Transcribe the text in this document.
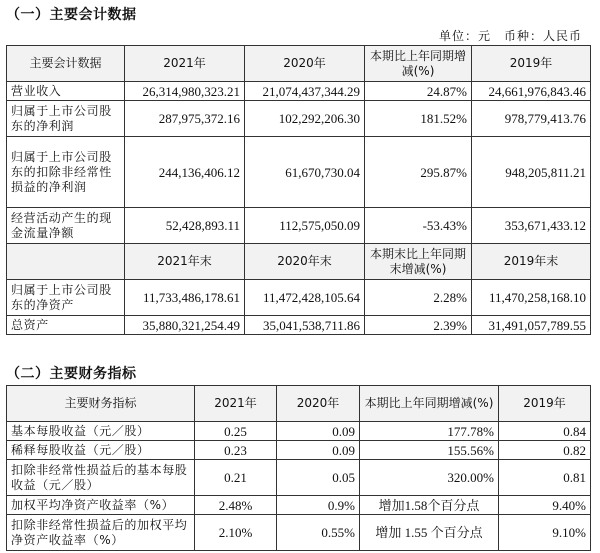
（一）主要会计数据
单位：元　币种：人民币
主要会计数据	2021年	2020年	本期比上年同期增减(%)	2019年
营业收入	26,314,980,323.21	21,074,437,344.29	24.87%	24,661,976,843.46
归属于上市公司股东的净利润	287,975,372.16	102,292,206.30	181.52%	978,779,413.76
归属于上市公司股东的扣除非经常性损益的净利润	244,136,406.12	61,670,730.04	295.87%	948,205,811.21
经营活动产生的现金流量净额	52,428,893.11	112,575,050.09	-53.43%	353,671,433.12
	2021年末	2020年末	本期末比上年同期末增减(%)	2019年末
归属于上市公司股东的净资产	11,733,486,178.61	11,472,428,105.64	2.28%	11,470,258,168.10
总资产	35,880,321,254.49	35,041,538,711.86	2.39%	31,491,057,789.55
（二）主要财务指标
主要财务指标	2021年	2020年	本期比上年同期增减(%)	2019年
基本每股收益（元／股）	0.25	0.09	177.78%	0.84
稀释每股收益（元／股）	0.23	0.09	155.56%	0.82
扣除非经常性损益后的基本每股收益（元／股）	0.21	0.05	320.00%	0.81
加权平均净资产收益率（%）	2.48%	0.9%	增加1.58个百分点	9.40%
扣除非经常性损益后的加权平均净资产收益率（%）	2.10%	0.55%	增加 1.55 个百分点	9.10%
